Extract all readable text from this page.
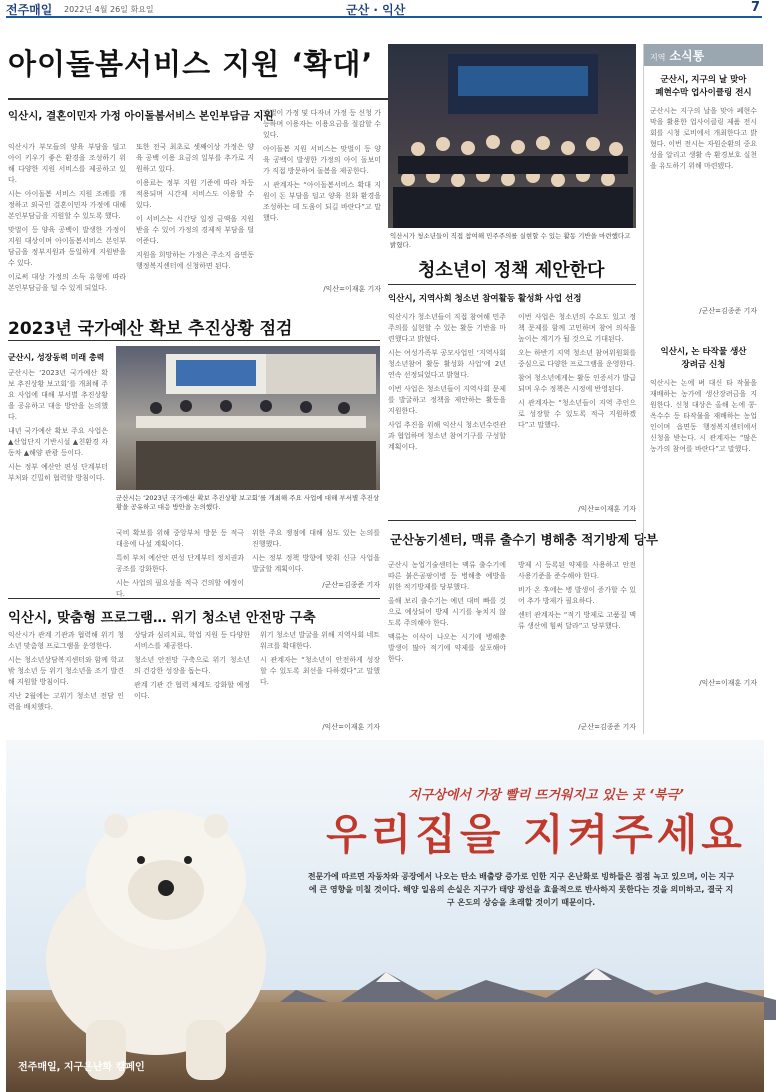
전주매일 2022년 4월 26일 화요일	군산 · 익산	7
아이돌봄서비스 지원 ‘확대’
익산시, 결혼이민자 가정 아이돌봄서비스 본인부담금 지원

익산시가 부모들의 양육 부담을 덜고 아이 키우기 좋은 환경을 조성하기 위해 다양한 지원 서비스를 제공하고 있다.

시는 아이돌봄 서비스 지원 조례를 개정하고 외국인 결혼이민자 가정에 대해 본인부담금을 지원할 수 있도록 했다.

맞벌이 등 양육 공백이 발생한 가정이 지원 대상이며 아이돌봄서비스 본인부담금을 정부지원과 동일하게 지원받을 수 있다.

이로써 대상 가정의 소득 유형에 따라 본인부담금을 덜 수 있게 되었다.

또한 전국 최초로 셋째이상 가정은 양육 공백 이용 요금의 일부를 추가로 지원하고 있다.

이용료는 정부 지원 기준에 따라 차등 적용되며 시간제 서비스도 이용할 수 있다.

이 서비스는 시간당 일정 금액을 지원받을 수 있어 가정의 경제적 부담을 덜어준다.

지원을 희망하는 가정은 주소지 읍면동 행정복지센터에 신청하면 된다.

맞벌이 가정 및 다자녀 가정 등 신청 가능하며 이용자는 이용요금을 절감할 수 있다.

아이돌봄 지원 서비스는 맞벌이 등 양육 공백이 발생한 가정의 아이 돌보미가 직접 방문하여 돌봄을 제공한다.

시 관계자는 “아이돌봄서비스 확대 지원이 돈 부담을 덜고 양육 친화 환경을 조성하는 데 도움이 되길 바란다”고 말했다.

/익산=이재훈 기자
익산시가 청소년들이 직접 참여해 민주주의를 실현할 수 있는 활동 기반을 마련했다고 밝혔다.
청소년이 정책 제안한다
익산시, 지역사회 청소년 참여활동 활성화 사업 선정

익산시가 청소년들이 직접 참여해 민주주의를 실현할 수 있는 활동 기반을 마련했다고 밝혔다.

시는 여성가족부 공모사업인 ‘지역사회 청소년참여 활동 활성화 사업’에 2년 연속 선정되었다고 밝혔다.

이번 사업은 청소년들이 지역사회 문제를 발굴하고 정책을 제안하는 활동을 지원한다.

사업 추진을 위해 익산시 청소년수련관과 협업하며 청소년 참여기구를 구성할 계획이다.

이번 사업은 청소년의 수요도 있고 정책 문제를 함께 고민하며 참여 의식을 높이는 계기가 될 것으로 기대된다.

오는 하반기 지역 청소년 참여위원회를 중심으로 다양한 프로그램을 운영한다.

참여 청소년에게는 활동 인증서가 발급되며 우수 정책은 시정에 반영된다.

시 관계자는 “청소년들이 지역 주인으로 성장할 수 있도록 적극 지원하겠다”고 말했다.

/익산=이재훈 기자
2023년 국가예산 확보 추진상황 점검
군산시, 성장동력 미래 총력

군산시는 ‘2023년 국가예산 확보 추진상황 보고회’를 개최해 주요 사업에 대해 부서별 추진상황을 공유하고 대응 방안을 논의했다.

내년 국가예산 확보 주요 사업은 ▲산업단지 기반시설 ▲친환경 자동차 ▲해양 관광 등이다.

시는 정부 예산안 편성 단계부터 부처와 긴밀히 협력할 방침이다.

군산시는 ‘2023년 국가예산 확보 추진상황 보고회’를 개최해 주요 사업에 대해 부서별 추진상황을 공유하고 대응 방안을 논의했다.

국비 확보를 위해 중앙부처 방문 등 적극 대응에 나설 계획이다.

특히 부처 예산안 편성 단계부터 정치권과 공조를 강화한다.

시는 사업의 필요성을 적극 건의할 예정이다.

위한 주요 쟁점에 대해 심도 있는 논의를 진행했다.

시는 정부 정책 방향에 맞춰 신규 사업을 발굴할 계획이다.

/군산=김종준 기자
군산농기센터, 맥류 출수기 병해충 적기방제 당부

군산시 농업기술센터는 맥류 출수기에 따른 붉은곰팡이병 등 병해충 예방을 위한 적기방제를 당부했다.

올해 보리 출수기는 예년 대비 빠를 것으로 예상되어 방제 시기를 놓치지 않도록 주의해야 한다.

맥류는 이삭이 나오는 시기에 병해충 발생이 많아 적기에 약제를 살포해야 한다.

방제 시 등록된 약제를 사용하고 안전사용기준을 준수해야 한다.

비가 온 후에는 병 발생이 증가할 수 있어 추가 방제가 필요하다.

센터 관계자는 “적기 방제로 고품질 맥류 생산에 힘써 달라”고 당부했다.

/군산=김종준 기자
익산시, 맞춤형 프로그램… 위기 청소년 안전망 구축

익산시가 관계 기관과 협력해 위기 청소년 맞춤형 프로그램을 운영한다.

시는 청소년상담복지센터와 함께 학교 밖 청소년 등 위기 청소년을 조기 발견해 지원할 방침이다.

지난 2월에는 고위기 청소년 전담 인력을 배치했다.

상담과 심리치료, 학업 지원 등 다양한 서비스를 제공한다.

청소년 안전망 구축으로 위기 청소년의 건강한 성장을 돕는다.

관계 기관 간 협력 체계도 강화할 예정이다.

위기 청소년 발굴을 위해 지역사회 네트워크를 확대한다.

시 관계자는 “청소년이 안전하게 성장할 수 있도록 최선을 다하겠다”고 말했다.

/익산=이재훈 기자
지역 소식통
군산시, 지구의 날 맞아
폐현수막 업사이클링 전시
군산시는 지구의 날을 맞아 폐현수막을 활용한 업사이클링 제품 전시회를 시청 로비에서 개최한다고 밝혔다. 이번 전시는 자원순환의 중요성을 알리고 생활 속 환경보호 실천을 유도하기 위해 마련됐다.
/군산=김종준 기자
익산시, 논 타작물 생산
장려금 신청
익산시는 논에 벼 대신 타 작물을 재배하는 농가에 생산장려금을 지원한다. 신청 대상은 올해 논에 콩·옥수수 등 타작물을 재배하는 농업인이며 읍면동 행정복지센터에서 신청을 받는다. 시 관계자는 “많은 농가의 참여를 바란다”고 말했다.
/익산=이재훈 기자
지구상에서 가장 빨리 뜨거워지고 있는 곳 ‘북극’
우리집을 지켜주세요
전문가에 따르면 자동차와 공장에서 나오는 탄소 배출량 증가로 인한 지구 온난화로 빙하들은 점점 녹고 있으며, 이는 지구에 큰 영향을 미칠 것이다. 해양 일음의 손실은 지구가 태양 광선을 효율적으로 반사하지 못한다는 것을 의미하고, 결국 지구 온도의 상승을 초래할 것이기 때문이다.
전주매일, 지구온난화 캠페인
